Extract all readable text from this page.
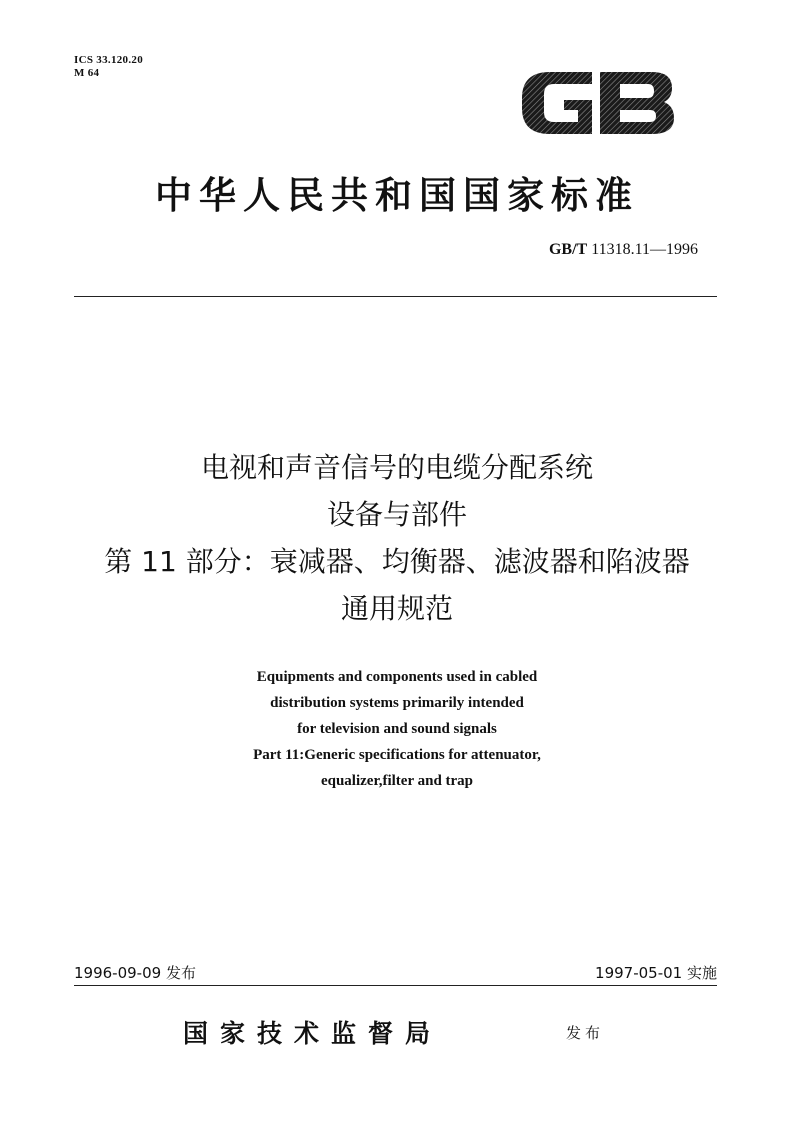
ICS 33.120.20
M 64
GB
中华人民共和国国家标准
GB/T 11318.11—1996
电视和声音信号的电缆分配系统
设备与部件
第 11 部分：衰减器、均衡器、滤波器和陷波器
通用规范
Equipments and components used in cabled
distribution systems primarily intended
for television and sound signals
Part 11:Generic specifications for attenuator,
equalizer,filter and trap
1996-09-09 发布	1997-05-01 实施
国家技术监督局	发布
